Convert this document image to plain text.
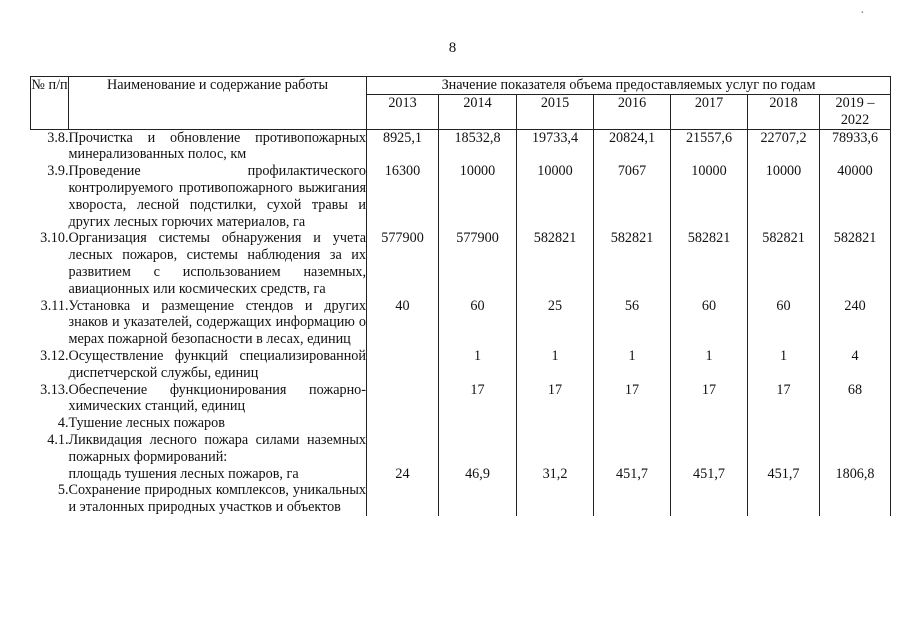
·
8
№ п/п	Наименование и содержание работы	Значение показателя объема предоставляемых услуг по годам						
		2013	2014	2015	2016	2017	2018	2019 – 2022
3.8.	Прочистка и обновление противопожарных минерализованных полос, км	8925,1	18532,8	19733,4	20824,1	21557,6	22707,2	78933,6
3.9.	Проведение профилактического контролируемого противопожарного выжигания хвороста, лесной подстилки, сухой травы и других лесных горючих материалов, га	16300	10000	10000	7067	10000	10000	40000
3.10.	Организация системы обнаружения и учета лесных пожаров, системы наблюдения за их развитием с использованием наземных, авиационных или космических средств, га	577900	577900	582821	582821	582821	582821	582821
3.11.	Установка и размещение стендов и других знаков и указателей, содержащих информацию о мерах пожарной безопасности в лесах, единиц	40	60	25	56	60	60	240
3.12.	Осуществление функций специализированной диспетчерской службы, единиц		1	1	1	1	1	4
3.13.	Обеспечение функционирования пожарно-химических станций, единиц		17	17	17	17	17	68
4.	Тушение лесных пожаров							
4.1.	Ликвидация лесного пожара силами наземных пожарных формирований:							
	площадь тушения лесных пожаров, га	24	46,9	31,2	451,7	451,7	451,7	1806,8
5.	Сохранение природных комплексов, уникальных и эталонных природных участков и объектов							
